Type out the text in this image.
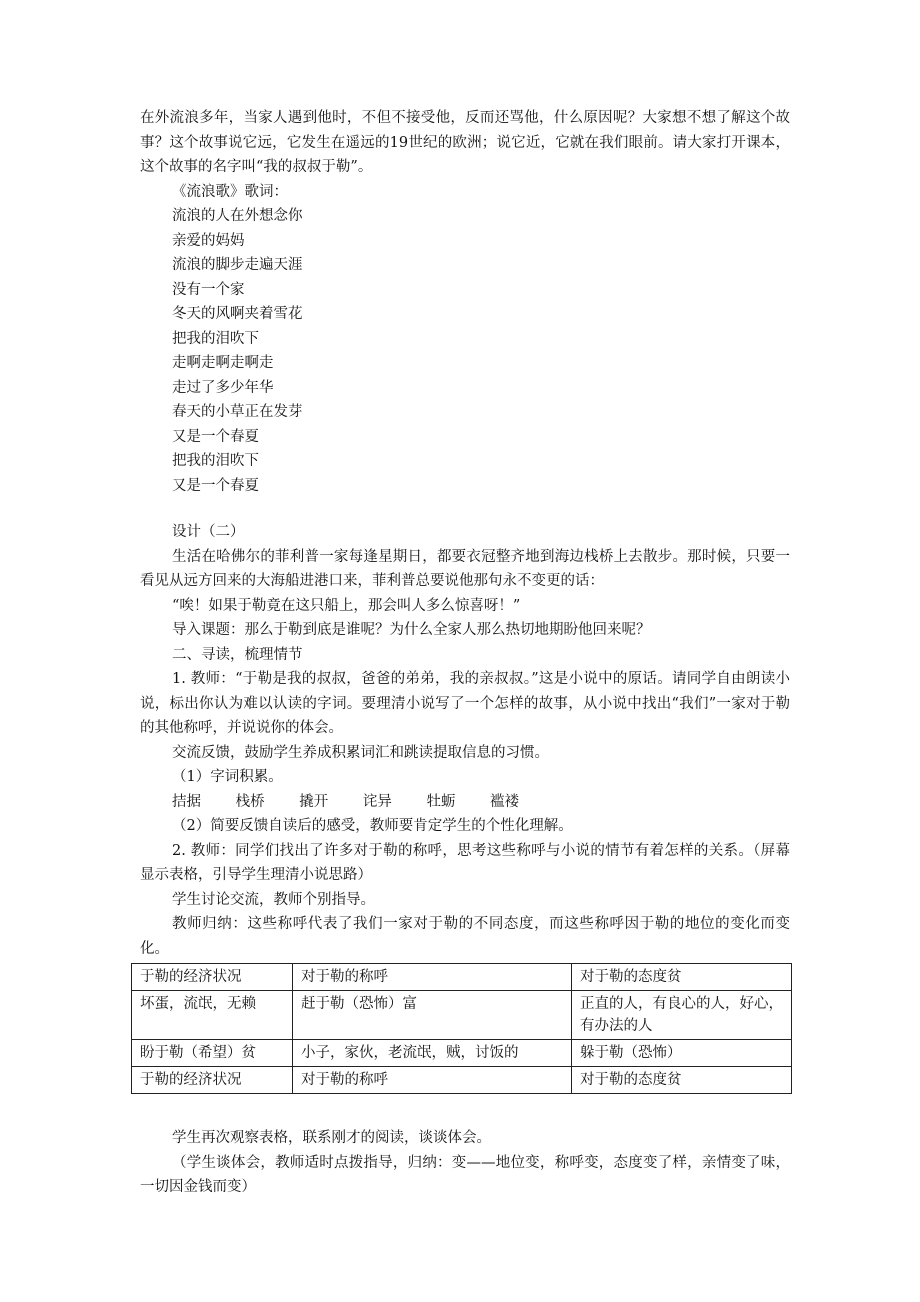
在外流浪多年，当家人遇到他时，不但不接受他，反而还骂他，什么原因呢？大家想不想了解这个故事？这个故事说它远，它发生在遥远的19世纪的欧洲；说它近，它就在我们眼前。请大家打开课本，这个故事的名字叫“我的叔叔于勒”。

《流浪歌》歌词：

流浪的人在外想念你

亲爱的妈妈

流浪的脚步走遍天涯

没有一个家

冬天的风啊夹着雪花

把我的泪吹下

走啊走啊走啊走

走过了多少年华

春天的小草正在发芽

又是一个春夏

把我的泪吹下

又是一个春夏

设计（二）

生活在哈佛尔的菲利普一家每逢星期日，都要衣冠整齐地到海边栈桥上去散步。那时候，只要一看见从远方回来的大海船进港口来，菲利普总要说他那句永不变更的话：

“唉！如果于勒竟在这只船上，那会叫人多么惊喜呀！”

导入课题：那么于勒到底是谁呢？为什么全家人那么热切地期盼他回来呢？

二、寻读，梳理情节

1. 教师：“于勒是我的叔叔，爸爸的弟弟，我的亲叔叔。”这是小说中的原话。请同学自由朗读小说，标出你认为难以认读的字词。要理清小说写了一个怎样的故事，从小说中找出“我们”一家对于勒的其他称呼，并说说你的体会。

交流反馈，鼓励学生养成积累词汇和跳读提取信息的习惯。

（1）字词积累。

拮据 栈桥 撬开 诧异 牡蛎 褴褛

（2）简要反馈自读后的感受，教师要肯定学生的个性化理解。

2. 教师：同学们找出了许多对于勒的称呼，思考这些称呼与小说的情节有着怎样的关系。（屏幕显示表格，引导学生理清小说思路）

学生讨论交流，教师个别指导。

教师归纳：这些称呼代表了我们一家对于勒的不同态度，而这些称呼因于勒的地位的变化而变化。

于勒的经济状况	对于勒的称呼	对于勒的态度贫
坏蛋，流氓，无赖	赶于勒（恐怖）富	正直的人，有良心的人，好心，有办法的人
盼于勒（希望）贫	小子，家伙，老流氓，贼，讨饭的	躲于勒（恐怖）
于勒的经济状况	对于勒的称呼	对于勒的态度贫

学生再次观察表格，联系刚才的阅读，谈谈体会。

（学生谈体会，教师适时点拨指导，归纳：变——地位变，称呼变，态度变了样，亲情变了味，一切因金钱而变）
